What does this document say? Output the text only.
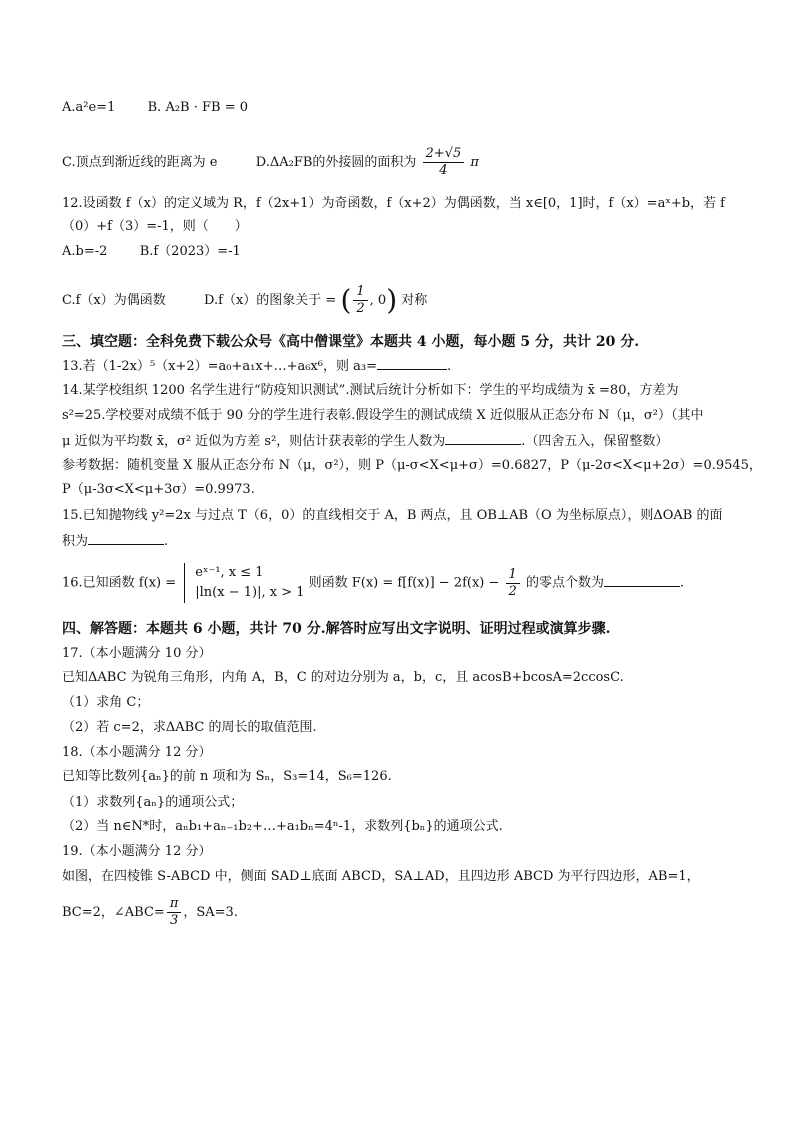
A.a²e=1 B. A₂B · FB = 0
C.顶点到渐近线的距离为 e	D.ΔA₂FB的外接圆的面积为 $\frac{2+√5}{4}$ π
12.设函数 f（x）的定义域为 R，f（2x+1）为奇函数，f（x+2）为偶函数，当 x∈[0，1]时，f（x）=aˣ+b，若 f
（0）+f（3）=-1，则（　　）
A.b=-2 B.f（2023）=-1
C.f（x）为偶函数	D.f（x）的图象关于 = ( $\frac{1}{2}$ , 0) 对称
三、填空题：全科免费下载公众号《高中僧课堂》本题共 4 小题，每小题 5 分，共计 20 分.
13.若（1-2x）⁵（x+2）=a₀+a₁x+…+a₆x⁶，则 a₃=	.
14.某学校组织 1200 名学生进行“防疫知识测试”.测试后统计分析如下：学生的平均成绩为 x̄ =80，方差为
s²=25.学校要对成绩不低于 90 分的学生进行表彰.假设学生的测试成绩 X 近似服从正态分布 N（μ，σ²）（其中
μ 近似为平均数 x̄，σ² 近似为方差 s²，则估计获表彰的学生人数为	.（四舍五入，保留整数）
参考数据：随机变量 X 服从正态分布 N（μ，σ²），则 P（μ-σ<X<μ+σ）=0.6827，P（μ-2σ<X<μ+2σ）=0.9545，
P（μ-3σ<X<μ+3σ）=0.9973.
15.已知抛物线 y²=2x 与过点 T（6，0）的直线相交于 A，B 两点，且 OB⊥AB（O 为坐标原点），则ΔOAB 的面
积为	.
16.已知函数 f(x) =
eˣ⁻¹, x ≤ 1
|ln(x − 1)|, x > 1
则函数 $F(x) = f[f(x)] - 2f(x) - \frac{1}{2}$ 的零点个数为	.
四、解答题：本题共 6 小题，共计 70 分.解答时应写出文字说明、证明过程或演算步骤.
17.（本小题满分 10 分）
已知ΔABC 为锐角三角形，内角 A，B，C 的对边分别为 a，b，c，且 acosB+bcosA=2ccosC.
（1）求角 C；
（2）若 c=2，求ΔABC 的周长的取值范围.
18.（本小题满分 12 分）
已知等比数列{aₙ}的前 n 项和为 Sₙ，S₃=14，S₆=126.
（1）求数列{aₙ}的通项公式；
（2）当 n∈N*时，aₙb₁+aₙ₋₁b₂+…+a₁bₙ=4ⁿ-1，求数列{bₙ}的通项公式.
19.（本小题满分 12 分）
如图，在四棱锥 S-ABCD 中，侧面 SAD⊥底面 ABCD，SA⊥AD，且四边形 ABCD 为平行四边形，AB=1，
BC=2，∠ABC= $\frac{\pi}{3}$ ，SA=3.
